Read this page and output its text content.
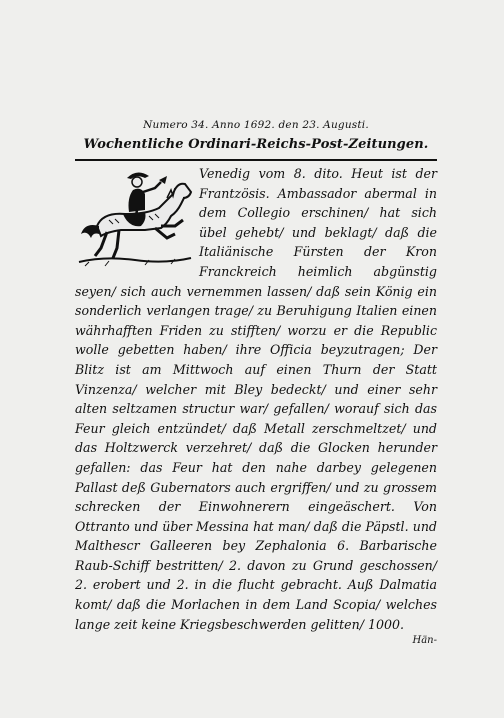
Numero 34. Anno 1692. den 23. Augusti.

Wochentliche Ordinari-Reichs-Post-Zeitungen.

Venedig vom 8. dito. Heut ist der Frantzösis. Ambassador abermal in dem Collegio erschinen/ hat sich übel gehebt/ und beklagt/ daß die Italiänische Fürsten der Kron Franckreich heimlich abgünstig seyen/ sich auch vernemmen lassen/ daß sein König ein sonderlich verlangen trage/ zu Beruhigung Italien einen währhafften Friden zu stifften/ worzu er die Republic wolle gebetten haben/ ihre Officia beyzutragen; Der Blitz ist am Mittwoch auf einen Thurn der Statt Vinzenza/ welcher mit Bley bedeckt/ und einer sehr alten seltzamen structur war/ gefallen/ worauf sich das Feur gleich entzündet/ daß Metall zerschmeltzet/ und das Holtzwerck verzehret/ daß die Glocken herunder gefallen: das Feur hat den nahe darbey gelegenen Pallast deß Gubernators auch ergriffen/ und zu grossem schrecken der Einwohnerern eingeäschert. Von Ottranto und über Messina hat man/ daß die Päpstl. und Malthescr Galleeren bey Zephalonia 6. Barbarische Raub-Schiff bestritten/ 2. davon zu Grund geschossen/ 2. erobert und 2. in die flucht gebracht. Auß Dalmatia komt/ daß die Morlachen in dem Land Scopia/ welches lange zeit keine Kriegsbeschwerden gelitten/ 1000.
Hän-
